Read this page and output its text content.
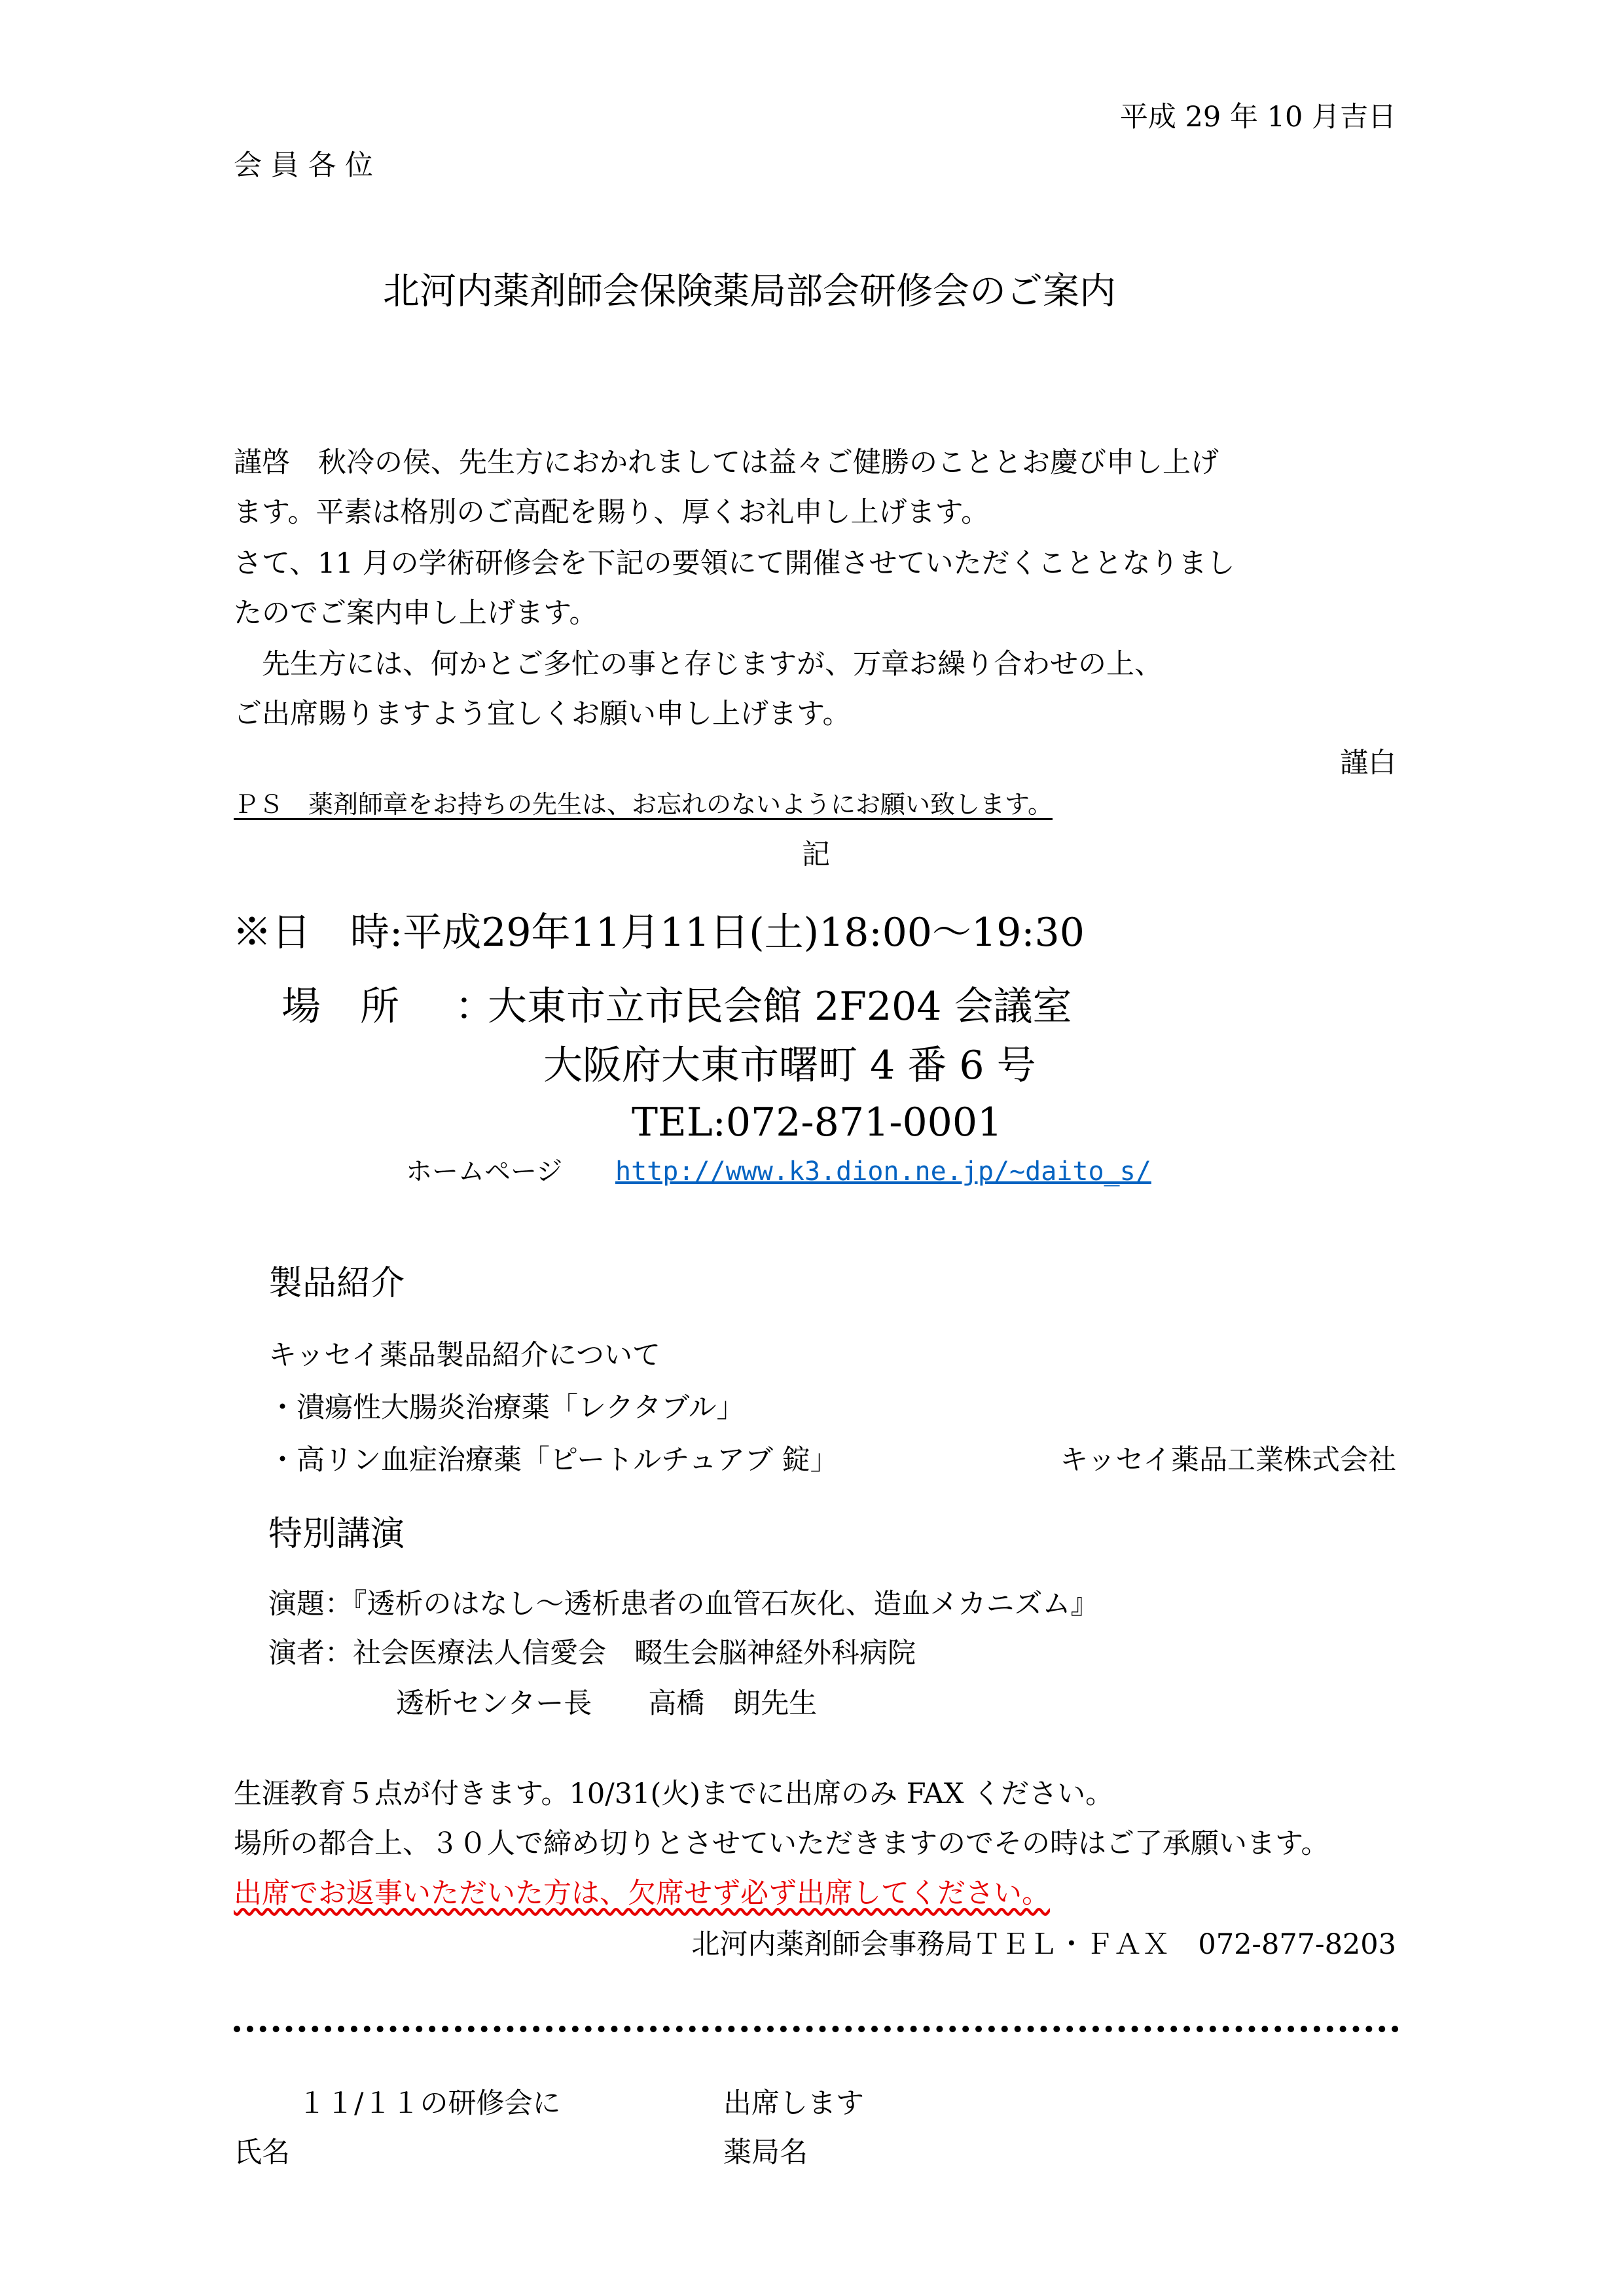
平成 29 年 10 月吉日
会 員 各 位
北河内薬剤師会保険薬局部会研修会のご案内
謹啓　秋冷の侯、先生方におかれましては益々ご健勝のこととお慶び申し上げ
ます。平素は格別のご高配を賜り、厚くお礼申し上げます。
さて、11 月の学術研修会を下記の要領にて開催させていただくこととなりまし
たのでご案内申し上げます。
先生方には、何かとご多忙の事と存じますが、万章お繰り合わせの上、
ご出席賜りますよう宜しくお願い申し上げます。
謹白
ＰＳ　薬剤師章をお持ちの先生は、お忘れのないようにお願い致します。
記
※日　時:平成29年11月11日(土)18:00～19:30
場　所 ：
大東市立市民会館 2F204 会議室
大阪府大東市曙町 4 番 6 号
TEL:072-871-0001
ホームページ http://www.k3.dion.ne.jp/~daito_s/
製品紹介
キッセイ薬品製品紹介について
・潰瘍性大腸炎治療薬「レクタブル」
・高リン血症治療薬「ピートルチュアブ 錠」	キッセイ薬品工業株式会社
特別講演
演題：『透析のはなし～透析患者の血管石灰化、造血メカニズム』
演者：社会医療法人信愛会　畷生会脳神経外科病院
透析センター長　　高橋　朗先生
生涯教育５点が付きます。10/31(火)までに出席のみ FAX ください。
場所の都合上、３０人で締め切りとさせていただきますのでその時はご了承願います。
出席でお返事いただいた方は、欠席せず必ず出席してください。
北河内薬剤師会事務局ＴＥＬ・ＦＡＸ　072-877-8203
１１/１１の研修会に	出席します
氏名	薬局名
